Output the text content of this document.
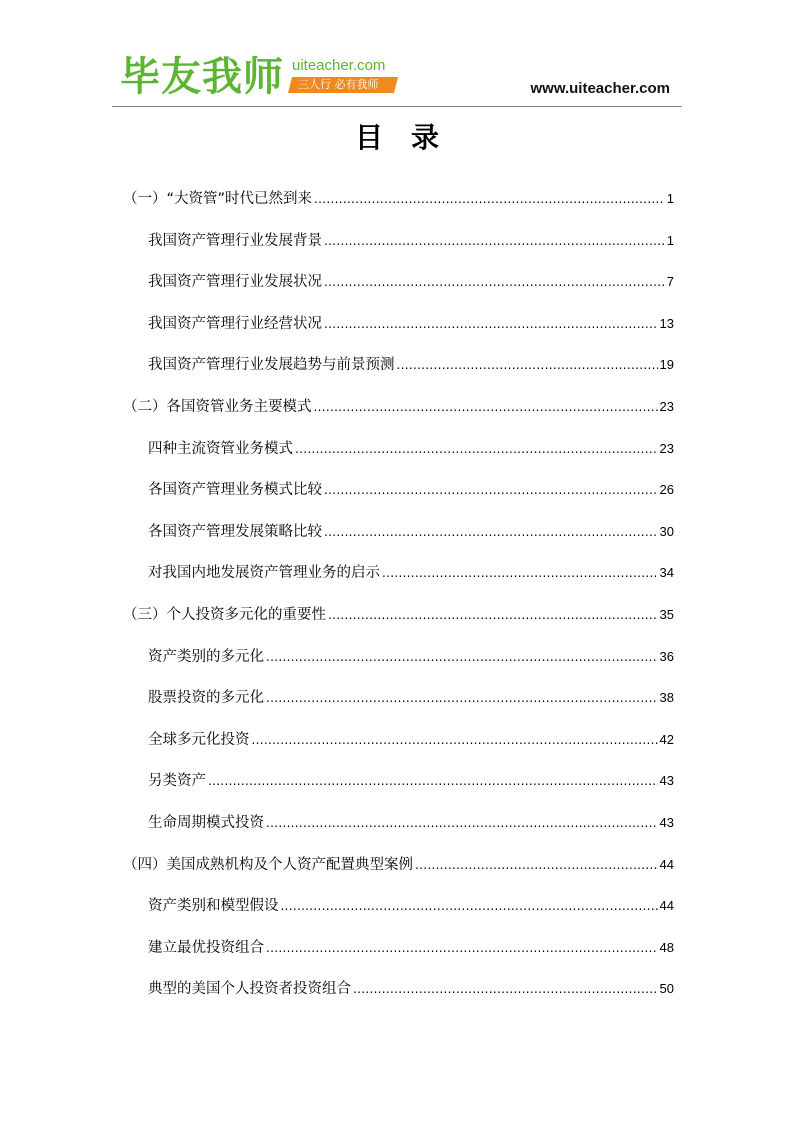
毕友我师 uiteacher.com
三人行 必有我师	www.uiteacher.com
目　录
（一）“大资管”时代已然到来 .....	1
我国资产管理行业发展背景 .....	1
我国资产管理行业发展状况 .....	7
我国资产管理行业经营状况 .....	13
我国资产管理行业发展趋势与前景预测 .....	19
（二）各国资管业务主要模式 .....	23
四种主流资管业务模式 .....	23
各国资产管理业务模式比较 .....	26
各国资产管理发展策略比较 .....	30
对我国内地发展资产管理业务的启示 .....	34
（三）个人投资多元化的重要性 .....	35
资产类别的多元化 .....	36
股票投资的多元化 .....	38
全球多元化投资 .....	42
另类资产 .....	43
生命周期模式投资 .....	43
（四）美国成熟机构及个人资产配置典型案例 .....	44
资产类别和模型假设 .....	44
建立最优投资组合 .....	48
典型的美国个人投资者投资组合 .....	50
